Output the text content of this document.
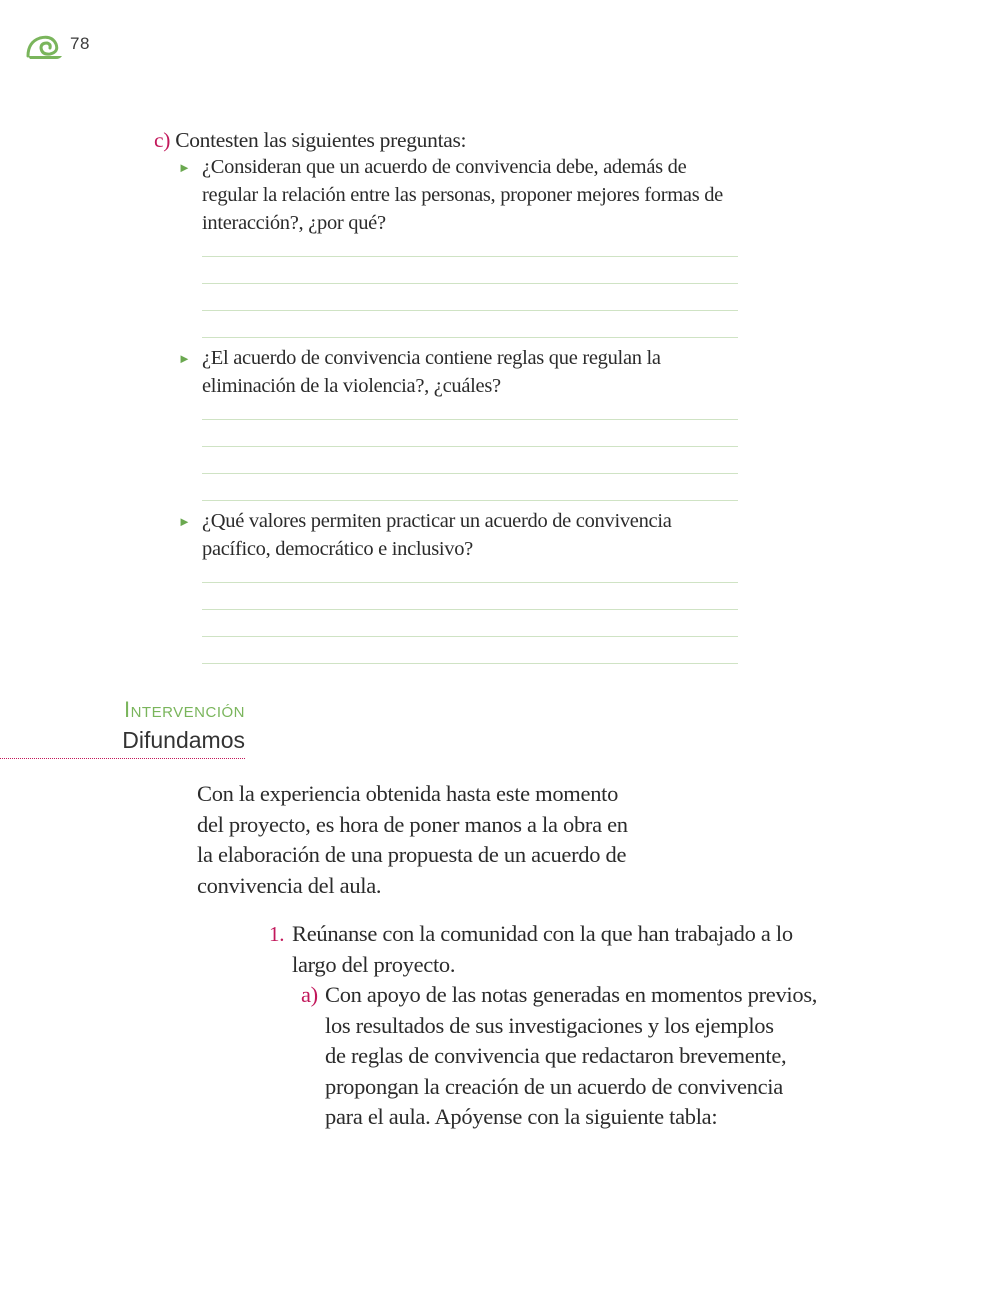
78
c) Contesten las siguientes preguntas:
► ¿Consideran que un acuerdo de convivencia debe, además de
regular la relación entre las personas, proponer mejores formas de
interacción?, ¿por qué?
► ¿El acuerdo de convivencia contiene reglas que regulan la
eliminación de la violencia?, ¿cuáles?
► ¿Qué valores permiten practicar un acuerdo de convivencia
pacífico, democrático e inclusivo?
Intervención
Difundamos
Con la experiencia obtenida hasta este momento
del proyecto, es hora de poner manos a la obra en
la elaboración de una propuesta de un acuerdo de
convivencia del aula.
1. Reúnanse con la comunidad con la que han trabajado a lo
largo del proyecto.
a) Con apoyo de las notas generadas en momentos previos,
los resultados de sus investigaciones y los ejemplos
de reglas de convivencia que redactaron brevemente,
propongan la creación de un acuerdo de convivencia
para el aula. Apóyense con la siguiente tabla:
